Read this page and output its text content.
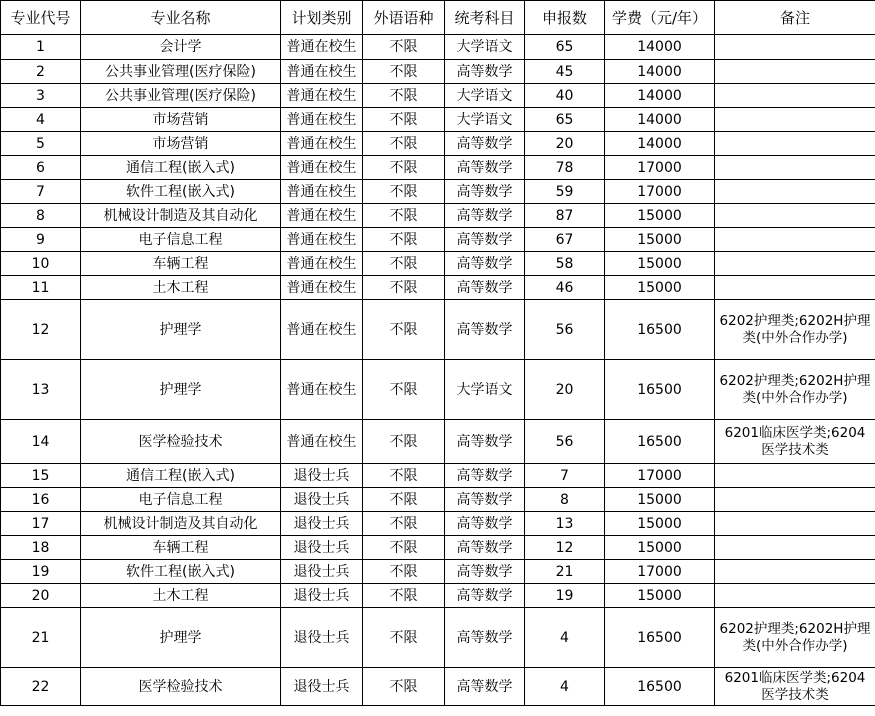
专业代号	专业名称	计划类别	外语语种	统考科目	申报数	学费（元/年）	备注
1	会计学	普通在校生	不限	大学语文	65	14000	
2	公共事业管理(医疗保险)	普通在校生	不限	高等数学	45	14000	
3	公共事业管理(医疗保险)	普通在校生	不限	大学语文	40	14000	
4	市场营销	普通在校生	不限	大学语文	65	14000	
5	市场营销	普通在校生	不限	高等数学	20	14000	
6	通信工程(嵌入式)	普通在校生	不限	高等数学	78	17000	
7	软件工程(嵌入式)	普通在校生	不限	高等数学	59	17000	
8	机械设计制造及其自动化	普通在校生	不限	高等数学	87	15000	
9	电子信息工程	普通在校生	不限	高等数学	67	15000	
10	车辆工程	普通在校生	不限	高等数学	58	15000	
11	土木工程	普通在校生	不限	高等数学	46	15000	
12	护理学	普通在校生	不限	高等数学	56	16500	6202护理类;6202H护理类(中外合作办学)
13	护理学	普通在校生	不限	大学语文	20	16500	6202护理类;6202H护理类(中外合作办学)
14	医学检验技术	普通在校生	不限	高等数学	56	16500	6201临床医学类;6204医学技术类
15	通信工程(嵌入式)	退役士兵	不限	高等数学	7	17000	
16	电子信息工程	退役士兵	不限	高等数学	8	15000	
17	机械设计制造及其自动化	退役士兵	不限	高等数学	13	15000	
18	车辆工程	退役士兵	不限	高等数学	12	15000	
19	软件工程(嵌入式)	退役士兵	不限	高等数学	21	17000	
20	土木工程	退役士兵	不限	高等数学	19	15000	
21	护理学	退役士兵	不限	高等数学	4	16500	6202护理类;6202H护理类(中外合作办学)
22	医学检验技术	退役士兵	不限	高等数学	4	16500	6201临床医学类;6204医学技术类
